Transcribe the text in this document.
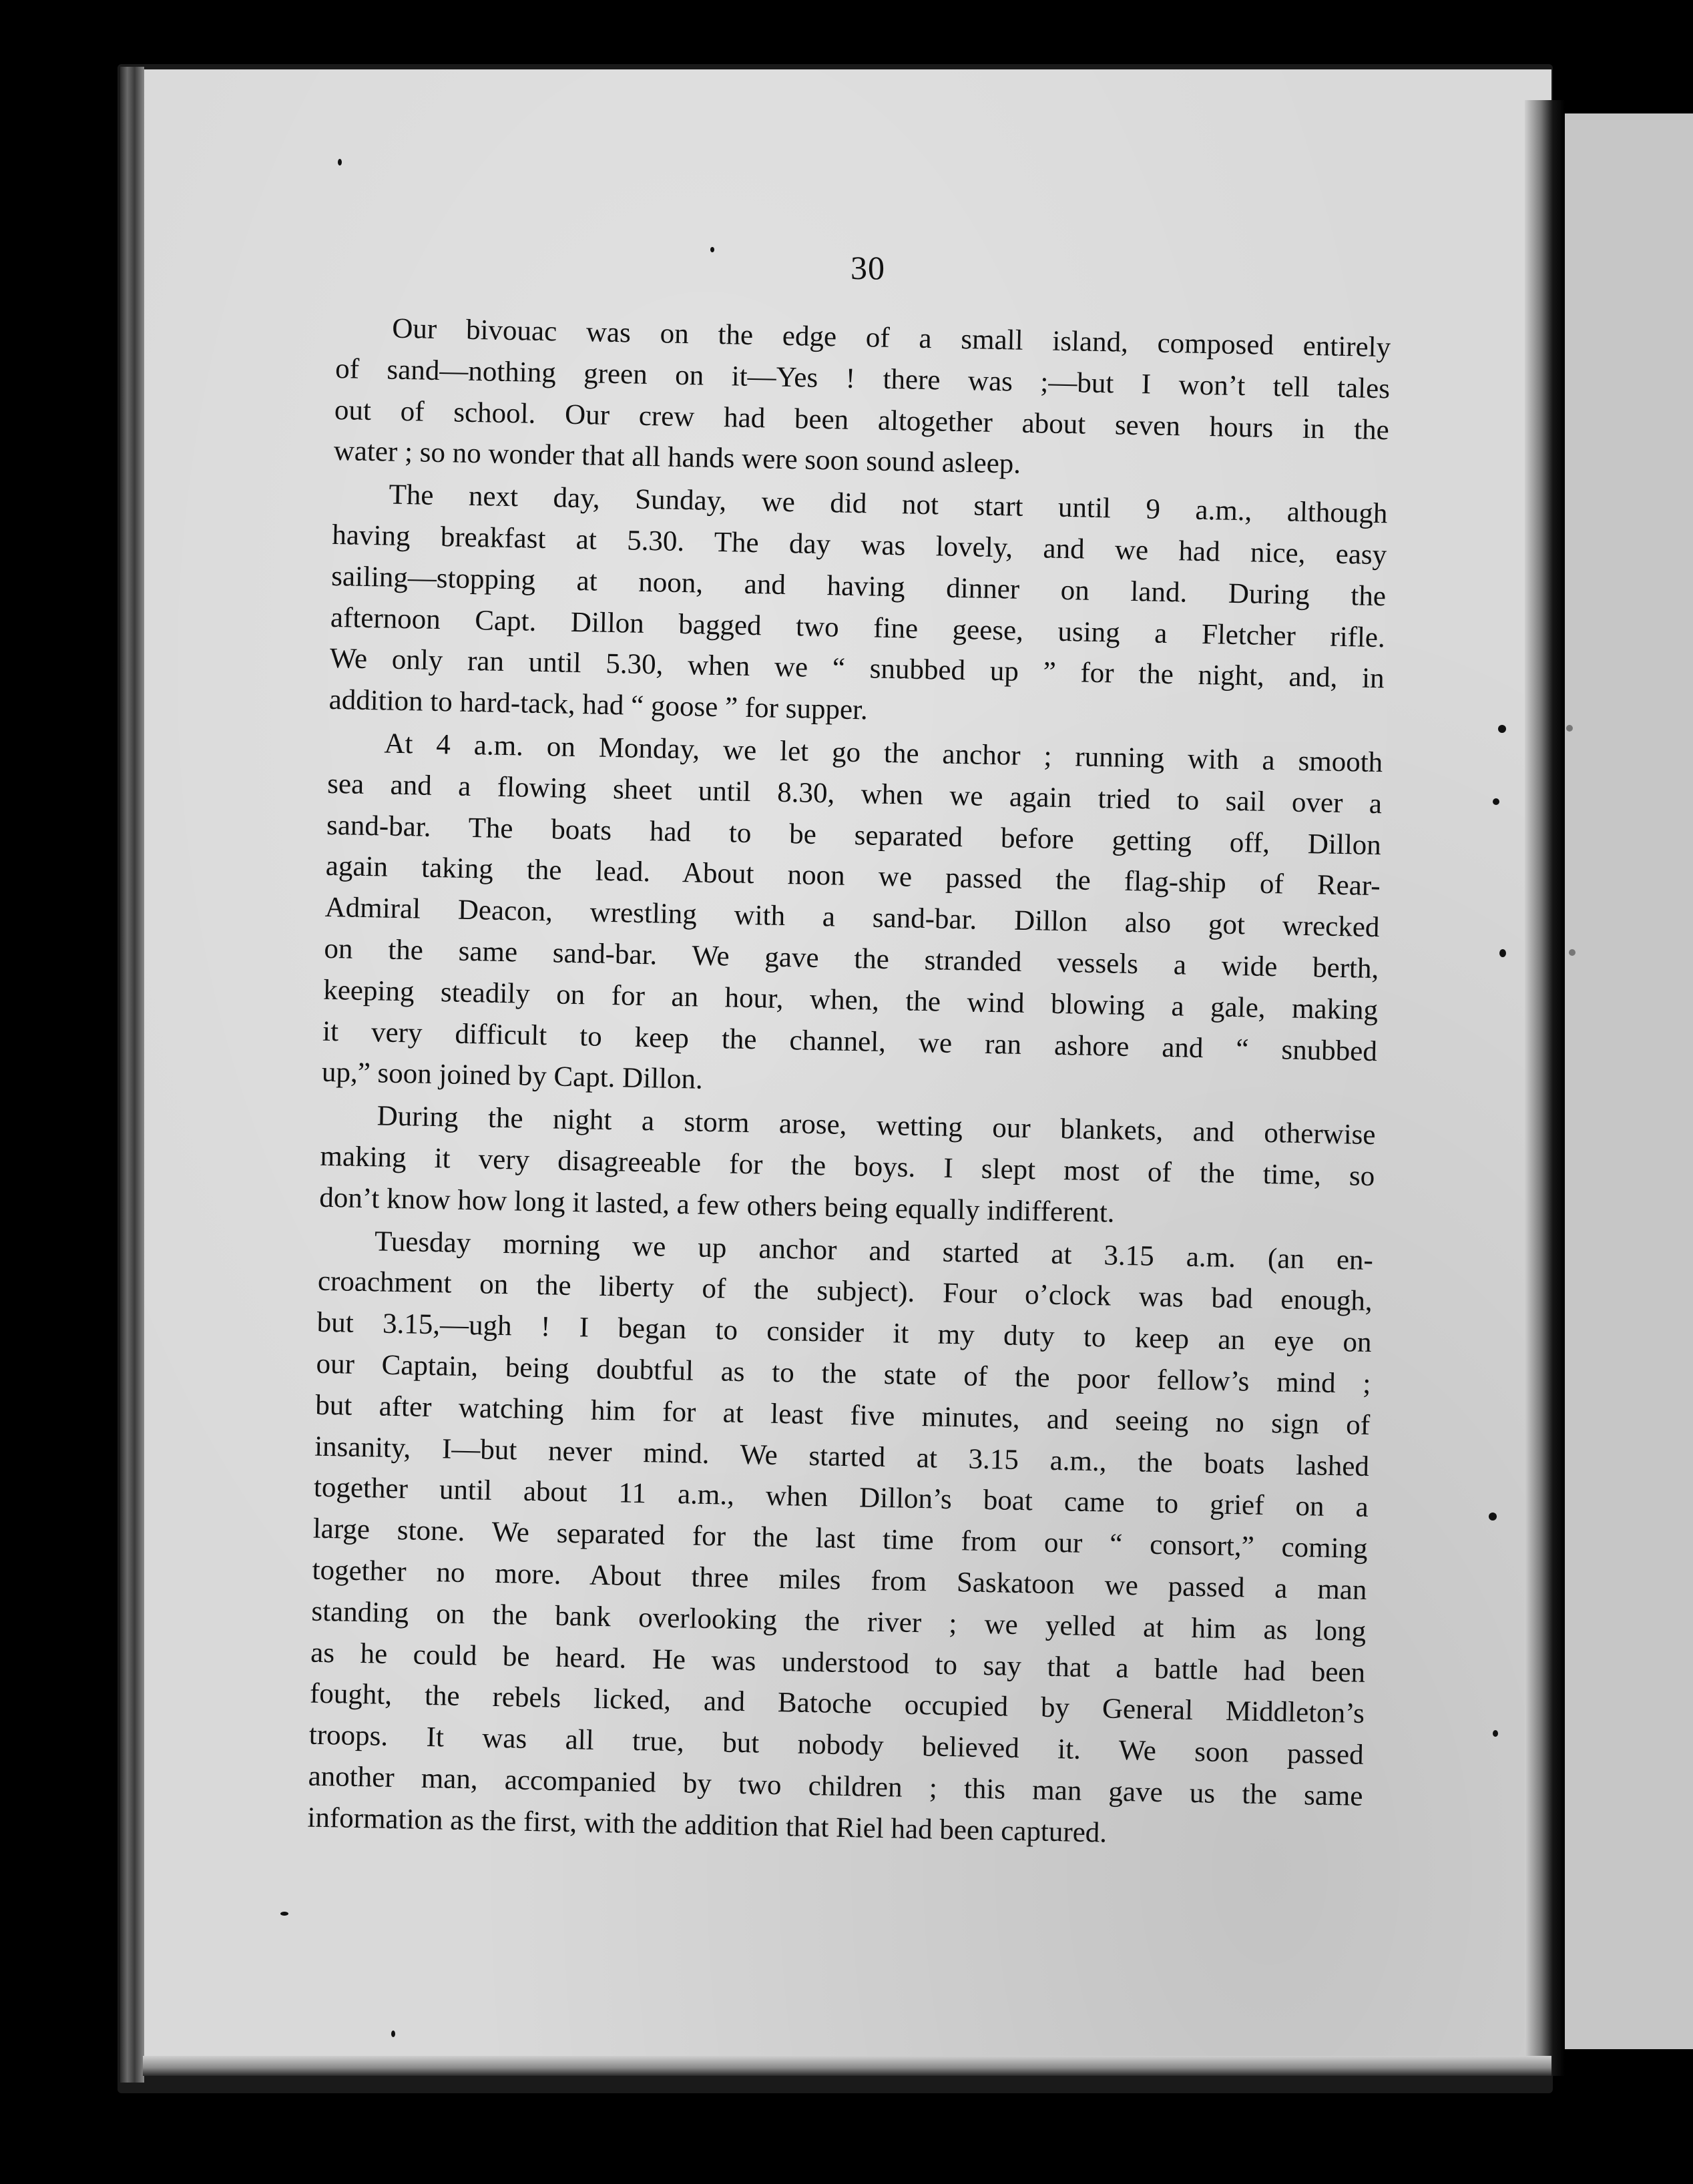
30
Our bivouac was on the edge of a small island, composed entirely
of sand—nothing green on it—Yes ! there was ;—but I won’t tell tales
out of school. Our crew had been altogether about seven hours in the
water ; so no wonder that all hands were soon sound asleep.
The next day, Sunday, we did not start until 9 a.m., although
having breakfast at 5.30. The day was lovely, and we had nice, easy
sailing—stopping at noon, and having dinner on land. During the
afternoon Capt. Dillon bagged two fine geese, using a Fletcher rifle.
We only ran until 5.30, when we “ snubbed up ” for the night, and, in
addition to hard-tack, had “ goose ” for supper.
At 4 a.m. on Monday, we let go the anchor ; running with a smooth
sea and a flowing sheet until 8.30, when we again tried to sail over a
sand-bar. The boats had to be separated before getting off, Dillon
again taking the lead. About noon we passed the flag-ship of Rear-
Admiral Deacon, wrestling with a sand-bar. Dillon also got wrecked
on the same sand-bar. We gave the stranded vessels a wide berth,
keeping steadily on for an hour, when, the wind blowing a gale, making
it very difficult to keep the channel, we ran ashore and “ snubbed
up,” soon joined by Capt. Dillon.
During the night a storm arose, wetting our blankets, and otherwise
making it very disagreeable for the boys. I slept most of the time, so
don’t know how long it lasted, a few others being equally indifferent.
Tuesday morning we up anchor and started at 3.15 a.m. (an en-
croachment on the liberty of the subject). Four o’clock was bad enough,
but 3.15,—ugh ! I began to consider it my duty to keep an eye on
our Captain, being doubtful as to the state of the poor fellow’s mind ;
but after watching him for at least five minutes, and seeing no sign of
insanity, I—but never mind. We started at 3.15 a.m., the boats lashed
together until about 11 a.m., when Dillon’s boat came to grief on a
large stone. We separated for the last time from our “ consort,” coming
together no more. About three miles from Saskatoon we passed a man
standing on the bank overlooking the river ; we yelled at him as long
as he could be heard. He was understood to say that a battle had been
fought, the rebels licked, and Batoche occupied by General Middleton’s
troops. It was all true, but nobody believed it. We soon passed
another man, accompanied by two children ; this man gave us the same
information as the first, with the addition that Riel had been captured.
